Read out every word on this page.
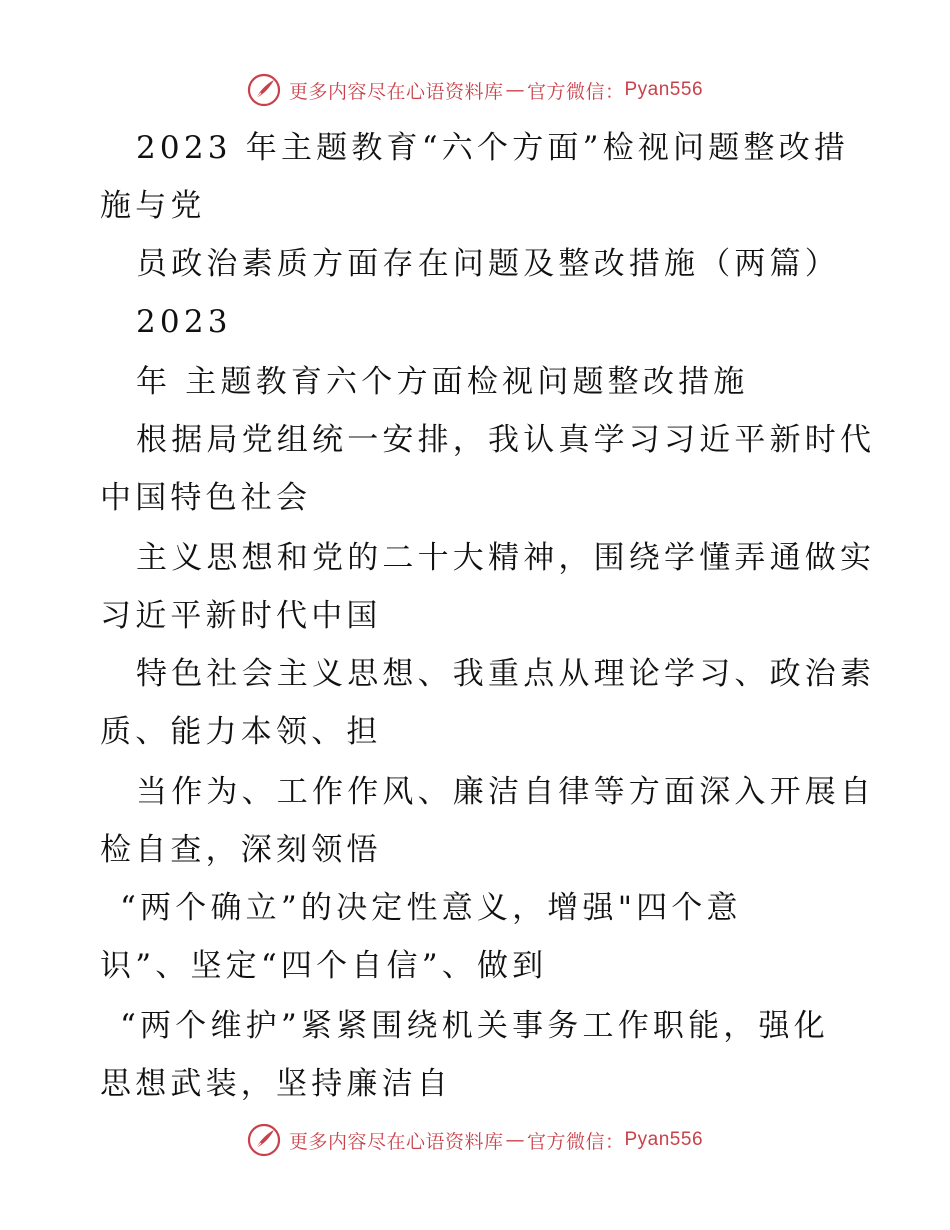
更多内容尽在心语资料库 — 官方微信： Pyan556
2023 年主题教育“六个方面”检视问题整改措
施与党
员政治素质方面存在问题及整改措施（两篇）
2023
年 主题教育六个方面检视问题整改措施
根据局党组统一安排，我认真学习习近平新时代
中国特色社会
主义思想和党的二十大精神，围绕学懂弄通做实
习近平新时代中国
特色社会主义思想、我重点从理论学习、政治素
质、能力本领、担
当作为、工作作风、廉洁自律等方面深入开展自
检自查，深刻领悟
“两个确立”的决定性意义，增强"四个意
识”、坚定“四个自信”、做到
“两个维护”紧紧围绕机关事务工作职能，强化
思想武装，坚持廉洁自
更多内容尽在心语资料库 — 官方微信： Pyan556
